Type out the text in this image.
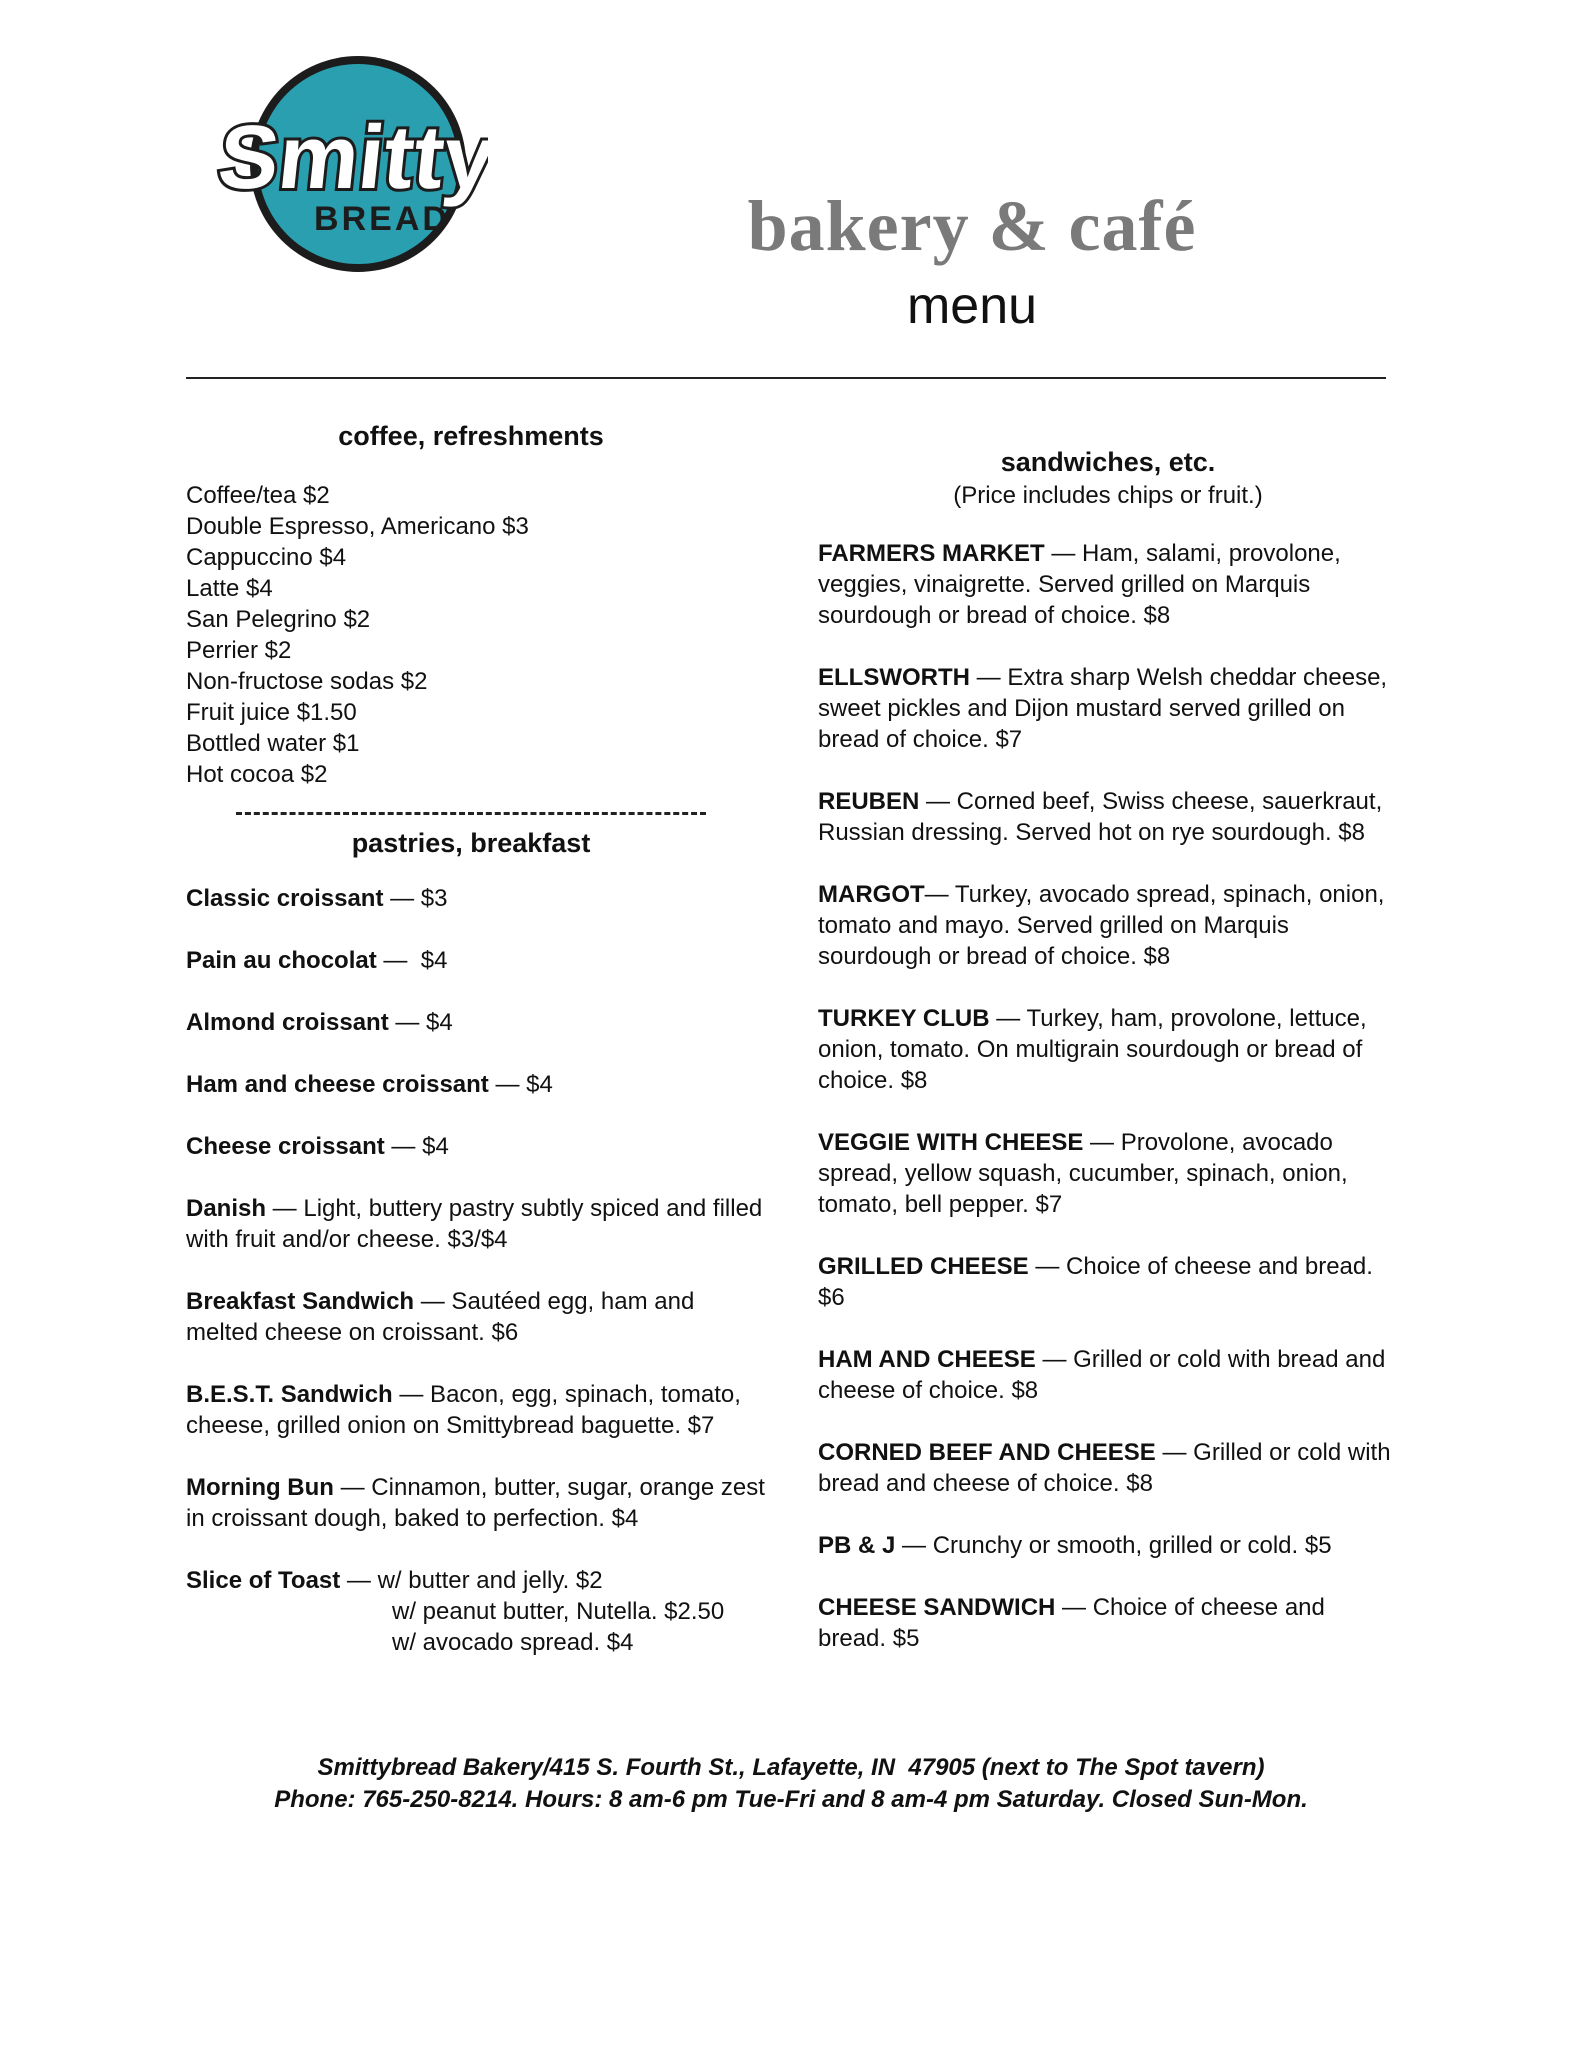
Smitty
BREAD	bakery & café
menu
coffee, refreshments
Coffee/tea $2
Double Espresso, Americano $3
Cappuccino $4
Latte $4
San Pelegrino $2
Perrier $2
Non-fructose sodas $2
Fruit juice $1.50
Bottled water $1
Hot cocoa $2
pastries, breakfast
Classic croissant — $3
Pain au chocolat —  $4
Almond croissant — $4
Ham and cheese croissant — $4
Cheese croissant — $4
Danish — Light, buttery pastry subtly spiced and filled with fruit and/or cheese. $3/$4
Breakfast Sandwich — Sautéed egg, ham and melted cheese on croissant. $6
B.E.S.T. Sandwich — Bacon, egg, spinach, tomato, cheese, grilled onion on Smittybread baguette. $7
Morning Bun — Cinnamon, butter, sugar, orange zest in croissant dough, baked to perfection. $4
Slice of Toast — w/ butter and jelly. $2
w/ peanut butter, Nutella. $2.50
w/ avocado spread. $4
sandwiches, etc.
(Price includes chips or fruit.)
FARMERS MARKET — Ham, salami, provolone, veggies, vinaigrette. Served grilled on Marquis sourdough or bread of choice. $8
ELLSWORTH — Extra sharp Welsh cheddar cheese, sweet pickles and Dijon mustard served grilled on bread of choice. $7
REUBEN — Corned beef, Swiss cheese, sauerkraut, Russian dressing. Served hot on rye sourdough. $8
MARGOT— Turkey, avocado spread, spinach, onion, tomato and mayo. Served grilled on Marquis sourdough or bread of choice. $8
TURKEY CLUB — Turkey, ham, provolone, lettuce, onion, tomato. On multigrain sourdough or bread of choice. $8
VEGGIE WITH CHEESE — Provolone, avocado spread, yellow squash, cucumber, spinach, onion, tomato, bell pepper. $7
GRILLED CHEESE — Choice of cheese and bread. $6
HAM AND CHEESE — Grilled or cold with bread and cheese of choice. $8
CORNED BEEF AND CHEESE — Grilled or cold with bread and cheese of choice. $8
PB & J — Crunchy or smooth, grilled or cold. $5
CHEESE SANDWICH — Choice of cheese and bread. $5
Smittybread Bakery/415 S. Fourth St., Lafayette, IN  47905 (next to The Spot tavern)
Phone: 765-250-8214. Hours: 8 am-6 pm Tue-Fri and 8 am-4 pm Saturday. Closed Sun-Mon.
